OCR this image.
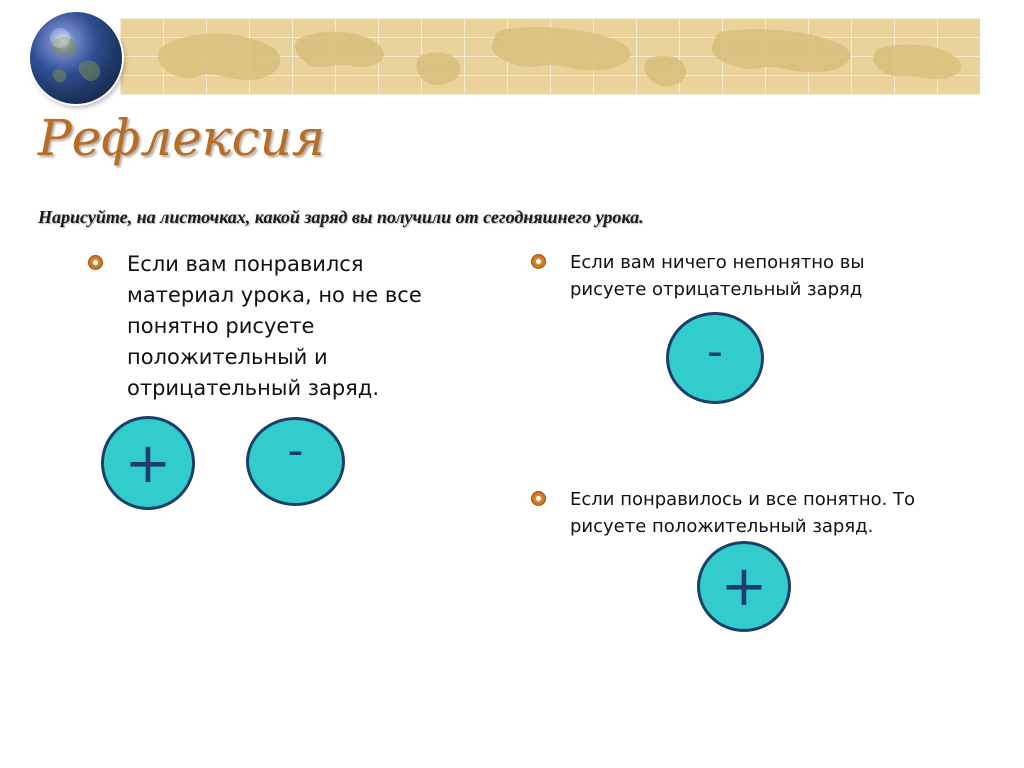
Рефлексия

Нарисуйте, на листочках, какой заряд вы получили от сегодняшнего урока.

Если вам понравился материал урока, но не все понятно рисуете положительный и отрицательный заряд.

Если вам ничего непонятно вы рисуете отрицательный заряд

Если понравилось и все понятно. То рисуете положительный заряд.

+	-
-
+
